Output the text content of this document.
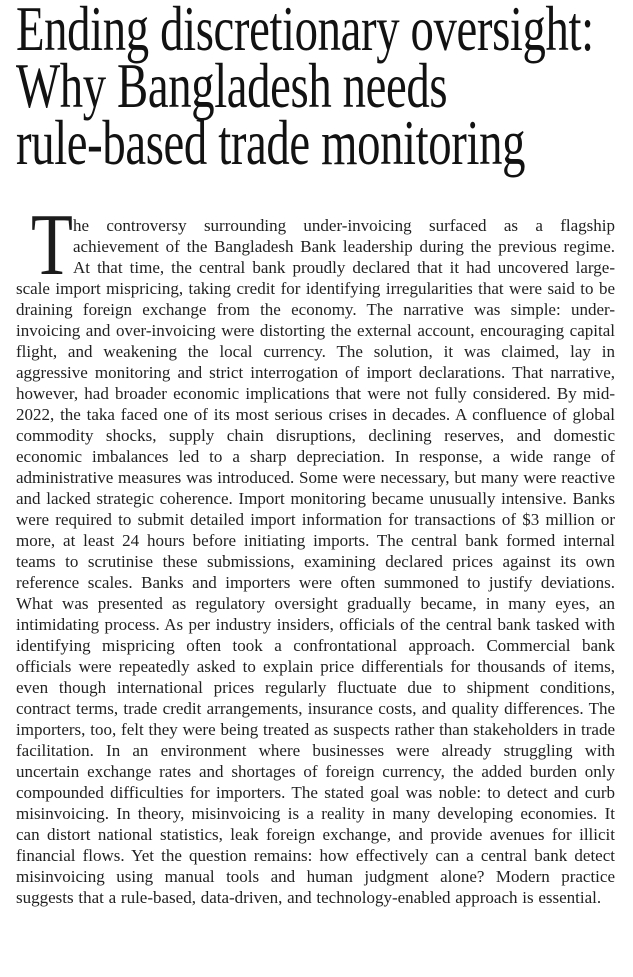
Ending discretionary oversight:
Why Bangladesh needs
rule-based trade monitoring

The controversy surrounding under-invoicing surfaced as a flagship achievement of the Bangladesh Bank leadership during the previous regime. At that time, the central bank proudly declared that it had uncovered large-scale import mispricing, taking credit for identifying irregularities that were said to be draining foreign exchange from the economy. The narrative was simple: under-invoicing and over-invoicing were distorting the external account, encouraging capital flight, and weakening the local currency. The solution, it was claimed, lay in aggressive monitoring and strict interrogation of import declarations. That narrative, however, had broader economic implications that were not fully considered. By mid-2022, the taka faced one of its most serious crises in decades. A confluence of global commodity shocks, supply chain disruptions, declining reserves, and domestic economic imbalances led to a sharp depreciation. In response, a wide range of administrative measures was introduced. Some were necessary, but many were reactive and lacked strategic coherence. Import monitoring became unusually intensive. Banks were required to submit detailed import information for transactions of $3 million or more, at least 24 hours before initiating imports. The central bank formed internal teams to scrutinise these submissions, examining declared prices against its own reference scales. Banks and importers were often summoned to justify deviations. What was presented as regulatory oversight gradually became, in many eyes, an intimidating process. As per industry insiders, officials of the central bank tasked with identifying mispricing often took a confrontational approach. Commercial bank officials were repeatedly asked to explain price differentials for thousands of items, even though international prices regularly fluctuate due to shipment conditions, contract terms, trade credit arrangements, insurance costs, and quality differences. The importers, too, felt they were being treated as suspects rather than stakeholders in trade facilitation. In an environment where businesses were already struggling with uncertain exchange rates and shortages of foreign currency, the added burden only compounded difficulties for importers. The stated goal was noble: to detect and curb misinvoicing. In theory, misinvoicing is a reality in many developing economies. It can distort national statistics, leak foreign exchange, and provide avenues for illicit financial flows. Yet the question remains: how effectively can a central bank detect misinvoicing using manual tools and human judgment alone? Modern practice suggests that a rule-based, data-driven, and technology-enabled approach is essential.
